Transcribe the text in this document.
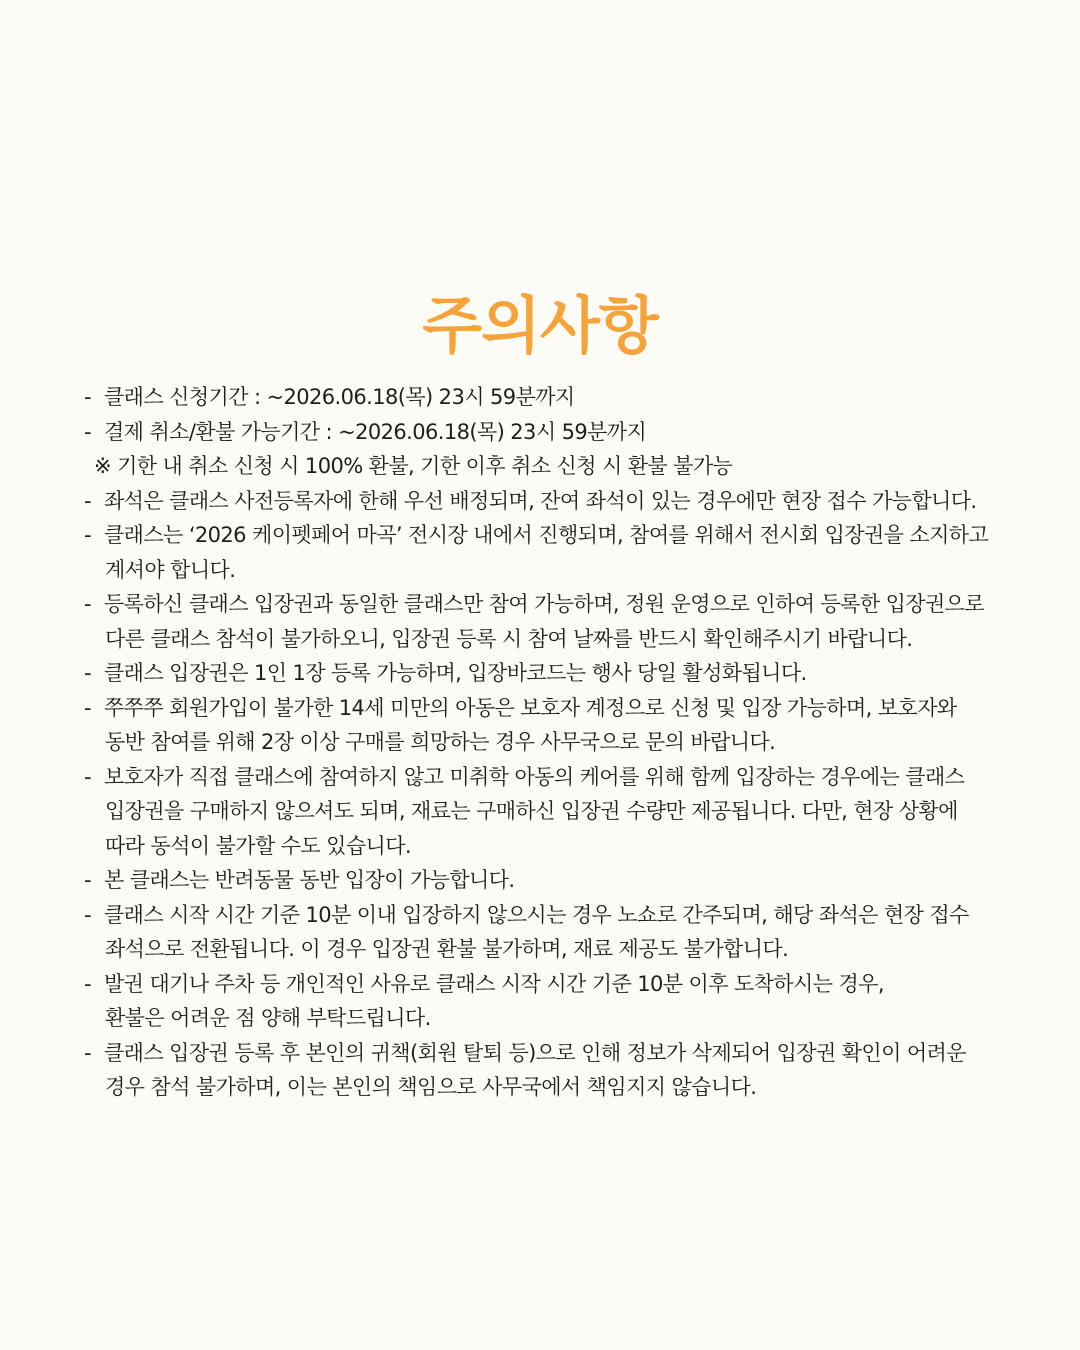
주의사항
- 클래스 신청기간 : ~2026.06.18(목) 23시 59분까지
- 결제 취소/환불 가능기간 : ~2026.06.18(목) 23시 59분까지
※ 기한 내 취소 신청 시 100% 환불, 기한 이후 취소 신청 시 환불 불가능
- 좌석은 클래스 사전등록자에 한해 우선 배정되며, 잔여 좌석이 있는 경우에만 현장 접수 가능합니다.
- 클래스는 ‘2026 케이펫페어 마곡’ 전시장 내에서 진행되며, 참여를 위해서 전시회 입장권을 소지하고
계셔야 합니다.
- 등록하신 클래스 입장권과 동일한 클래스만 참여 가능하며, 정원 운영으로 인하여 등록한 입장권으로
다른 클래스 참석이 불가하오니, 입장권 등록 시 참여 날짜를 반드시 확인해주시기 바랍니다.
- 클래스 입장권은 1인 1장 등록 가능하며, 입장바코드는 행사 당일 활성화됩니다.
- 쭈쭈쭈 회원가입이 불가한 14세 미만의 아동은 보호자 계정으로 신청 및 입장 가능하며, 보호자와
동반 참여를 위해 2장 이상 구매를 희망하는 경우 사무국으로 문의 바랍니다.
- 보호자가 직접 클래스에 참여하지 않고 미취학 아동의 케어를 위해 함께 입장하는 경우에는 클래스
입장권을 구매하지 않으셔도 되며, 재료는 구매하신 입장권 수량만 제공됩니다. 다만, 현장 상황에
따라 동석이 불가할 수도 있습니다.
- 본 클래스는 반려동물 동반 입장이 가능합니다.
- 클래스 시작 시간 기준 10분 이내 입장하지 않으시는 경우 노쇼로 간주되며, 해당 좌석은 현장 접수
좌석으로 전환됩니다. 이 경우 입장권 환불 불가하며, 재료 제공도 불가합니다.
- 발권 대기나 주차 등 개인적인 사유로 클래스 시작 시간 기준 10분 이후 도착하시는 경우,
환불은 어려운 점 양해 부탁드립니다.
- 클래스 입장권 등록 후 본인의 귀책(회원 탈퇴 등)으로 인해 정보가 삭제되어 입장권 확인이 어려운
경우 참석 불가하며, 이는 본인의 책임으로 사무국에서 책임지지 않습니다.
